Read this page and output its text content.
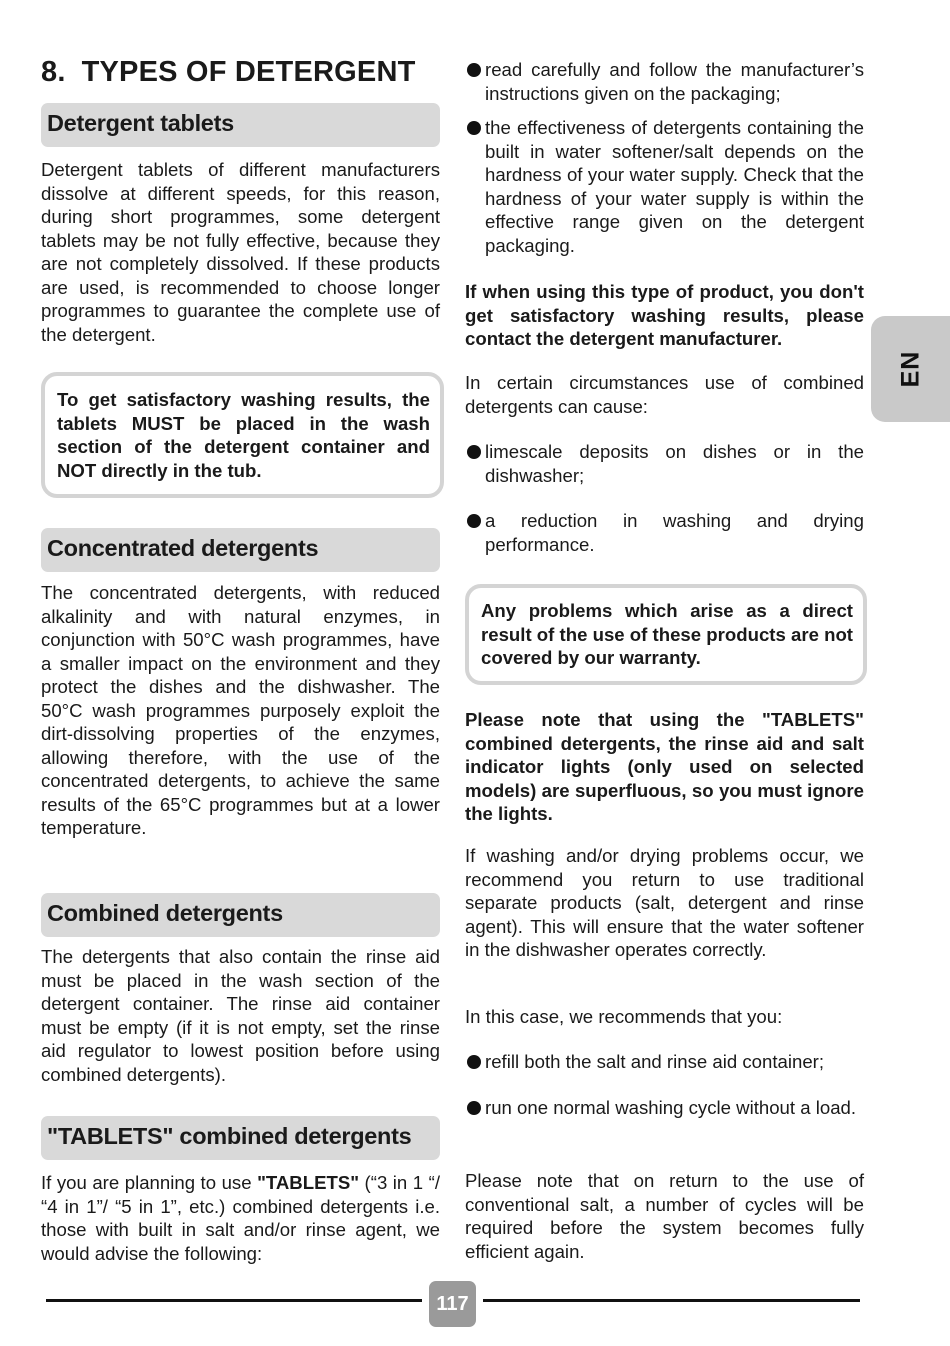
8. TYPES OF DETERGENT
Detergent tablets

Detergent tablets of different manufacturers dissolve at different speeds, for this reason, during short programmes, some detergent tablets may be not fully effective, because they are not completely dissolved. If these products are used, is recommended to choose longer programmes to guarantee the complete use of the detergent.

To get satisfactory washing results, the tablets MUST be placed in the wash section of the detergent container and NOT directly in the tub.
Concentrated detergents

The concentrated detergents, with reduced alkalinity and with natural enzymes, in conjunction with 50°C wash programmes, have a smaller impact on the environment and they protect the dishes and the dishwasher. The 50°C wash programmes purposely exploit the dirt-dissolving properties of the enzymes, allowing therefore, with the use of the concentrated detergents, to achieve the same results of the 65°C programmes but at a lower temperature.

Combined detergents

The detergents that also contain the rinse aid must be placed in the wash section of the detergent container. The rinse aid container must be empty (if it is not empty, set the rinse aid regulator to lowest position before using combined detergents).

"TABLETS" combined detergents

If you are planning to use "TABLETS" (“3 in 1 “/ “4 in 1”/ “5 in 1”, etc.) combined detergents i.e. those with built in salt and/or rinse agent, we would advise the following:

read carefully and follow the manufacturer’s instructions given on the packaging;
the effectiveness of detergents containing the built in water softener/salt depends on the hardness of your water supply. Check that the hardness of your water supply is within the effective range given on the detergent packaging.

If when using this type of product, you don't get satisfactory washing results, please contact the detergent manufacturer.

In certain circumstances use of combined detergents can cause:

limescale deposits on dishes or in the dishwasher;
a reduction in washing and drying performance.
Any problems which arise as a direct result of the use of these products are not covered by our warranty.

Please note that using the "TABLETS" combined detergents, the rinse aid and salt indicator lights (only used on selected models) are superfluous, so you must ignore the lights.

If washing and/or drying problems occur, we recommend you return to use traditional separate products (salt, detergent and rinse agent). This will ensure that the water softener in the dishwasher operates correctly.

In this case, we recommends that you:

refill both the salt and rinse aid container;
run one normal washing cycle without a load.

Please note that on return to the use of conventional salt, a number of cycles will be required before the system becomes fully efficient again.

EN
117
